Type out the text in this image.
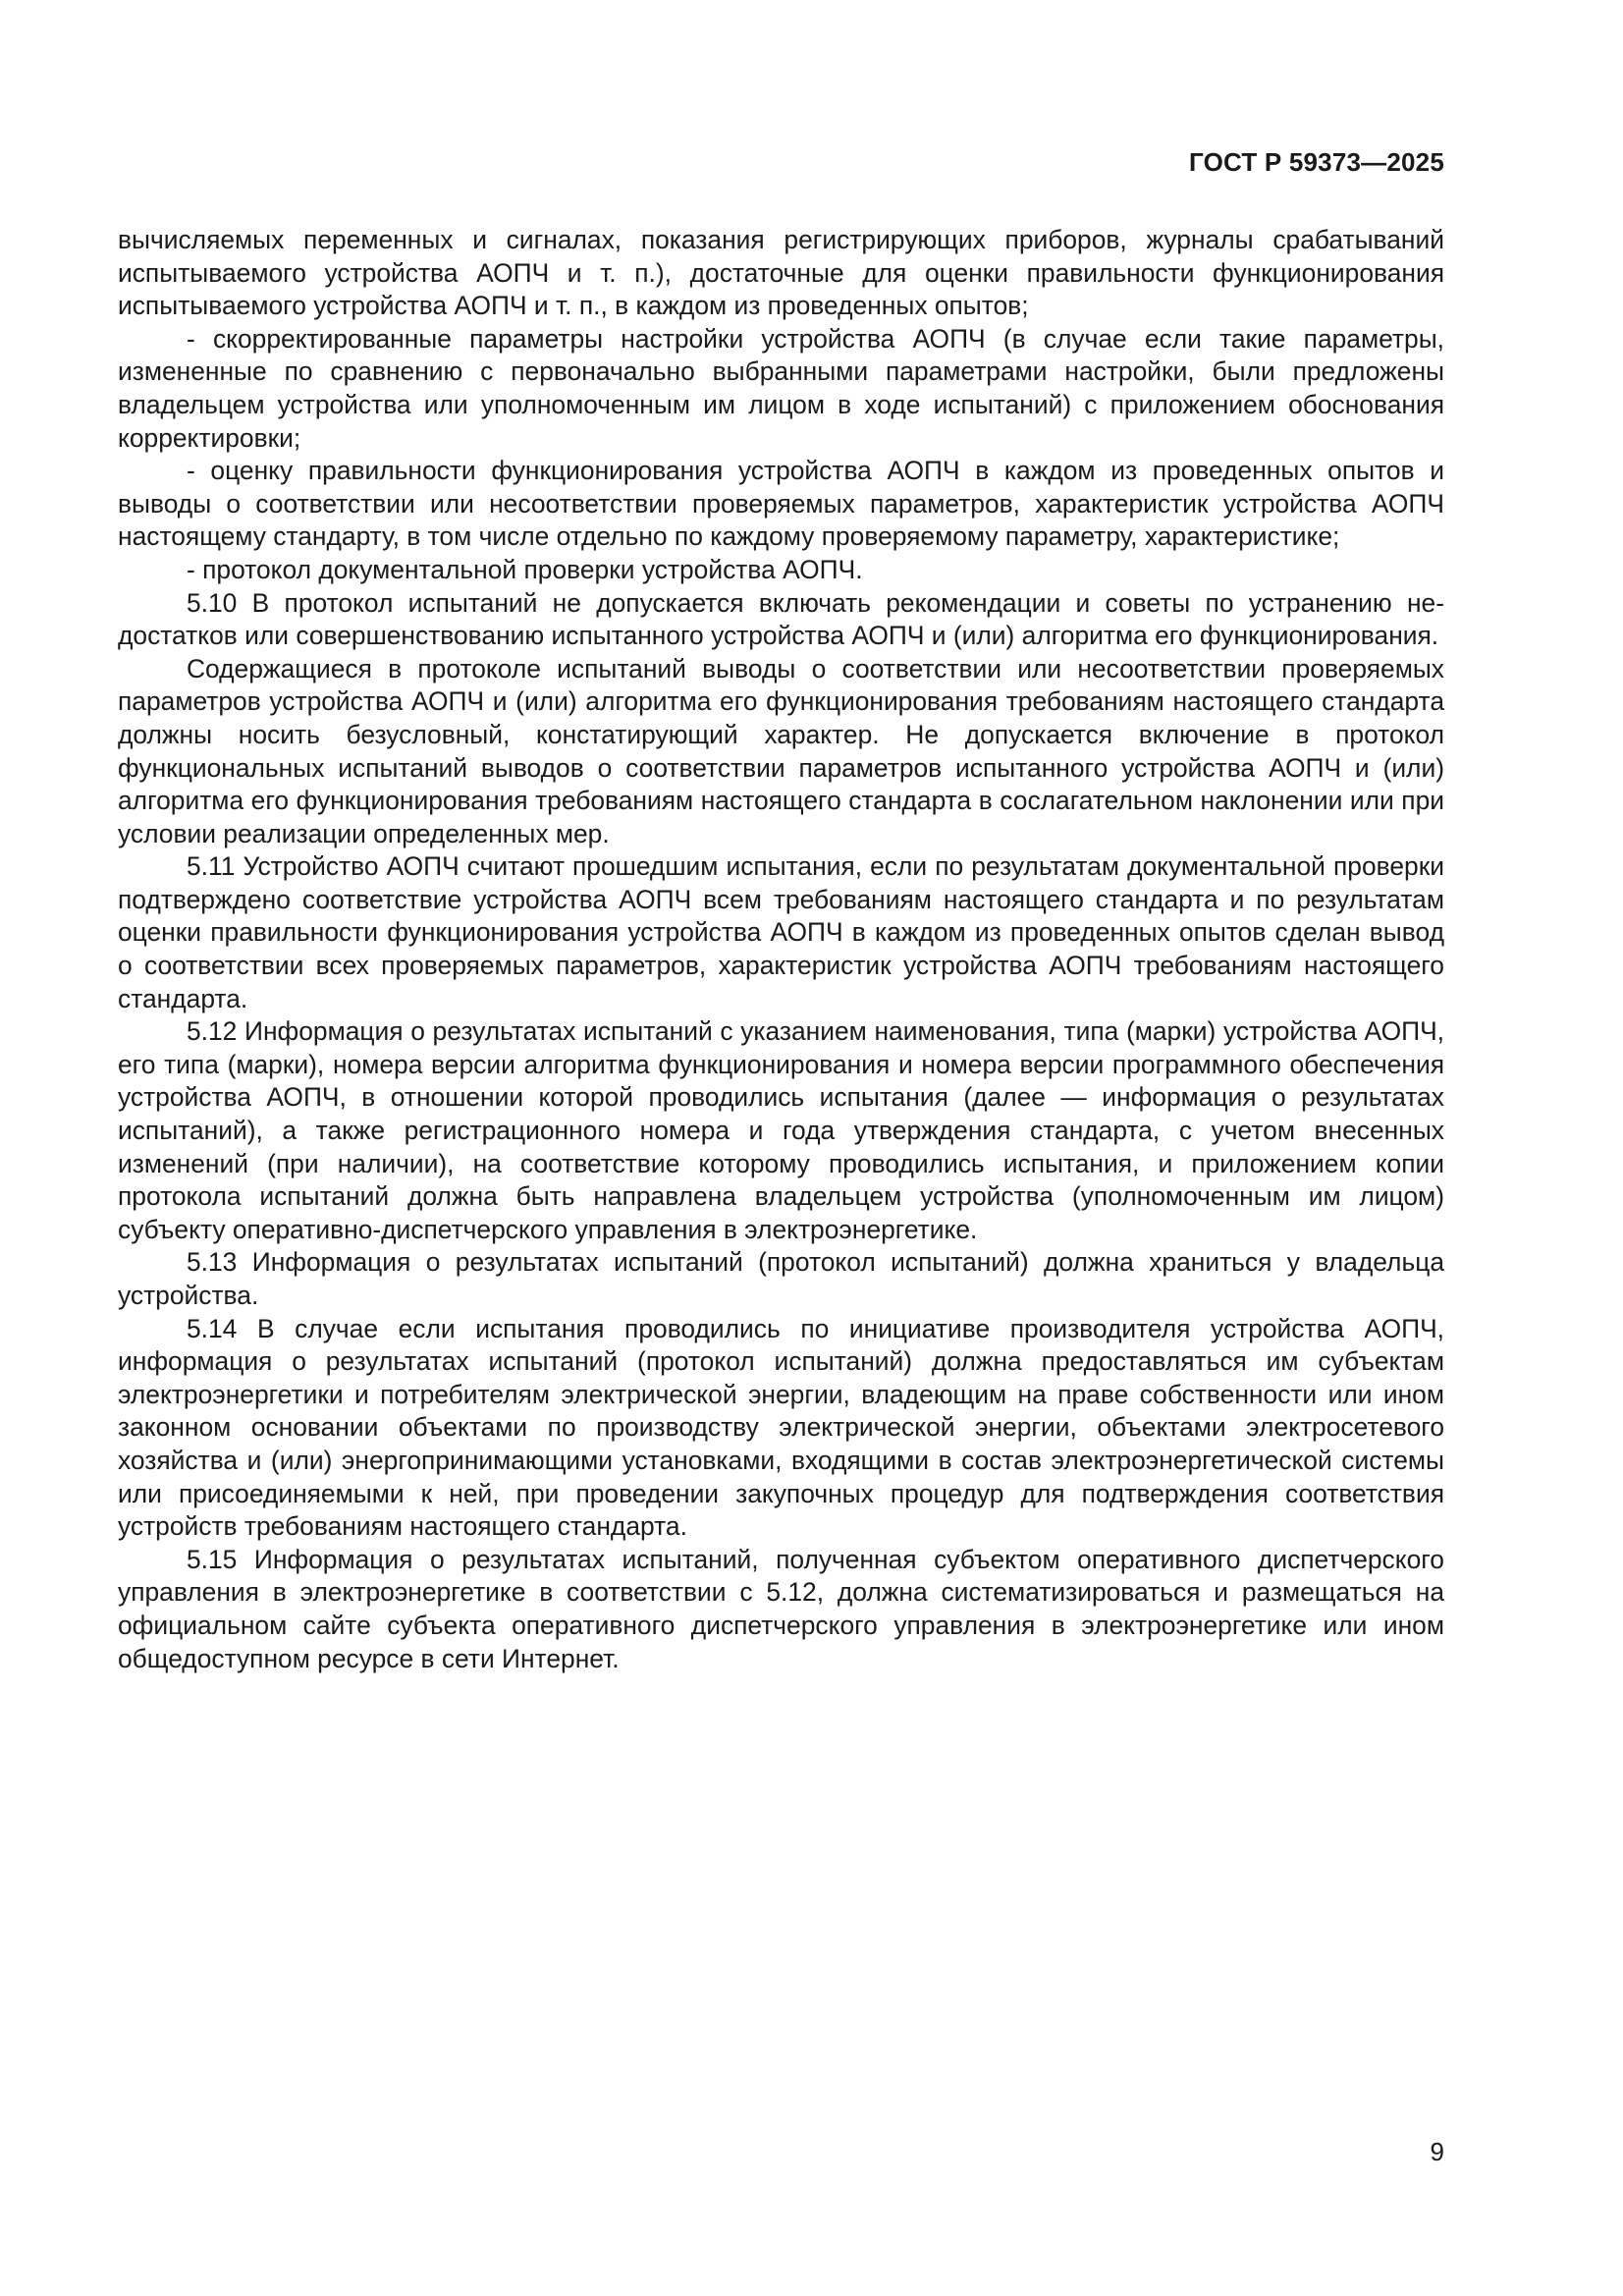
ГОСТ Р 59373—2025

вычисляемых переменных и сигналах, показания регистрирующих приборов, журналы срабатываний испытываемого устройства АОПЧ и т. п.), достаточные для оценки правильности функционирования испытываемого устройства АОПЧ и т. п., в каждом из проведенных опытов;

- скорректированные параметры настройки устройства АОПЧ (в случае если такие параметры, измененные по сравнению с первоначально выбранными параметрами настройки, были предложены владельцем устройства или уполномоченным им лицом в ходе испытаний) с приложением обоснования корректировки;

- оценку правильности функционирования устройства АОПЧ в каждом из проведенных опытов и выводы о соответствии или несоответствии проверяемых параметров, характеристик устройства АОПЧ настоящему стандарту, в том числе отдельно по каждому проверяемому параметру, характеристике;

- протокол документальной проверки устройства АОПЧ.

5.10 В протокол испытаний не допускается включать рекомендации и советы по устранению недостатков или совершенствованию испытанного устройства АОПЧ и (или) алгоритма его функционирования.

Содержащиеся в протоколе испытаний выводы о соответствии или несоответствии проверяемых параметров устройства АОПЧ и (или) алгоритма его функционирования требованиям настоящего стандарта должны носить безусловный, констатирующий характер. Не допускается включение в протокол функциональных испытаний выводов о соответствии параметров испытанного устройства АОПЧ и (или) алгоритма его функционирования требованиям настоящего стандарта в сослагательном наклонении или при условии реализации определенных мер.

5.11 Устройство АОПЧ считают прошедшим испытания, если по результатам документальной проверки подтверждено соответствие устройства АОПЧ всем требованиям настоящего стандарта и по результатам оценки правильности функционирования устройства АОПЧ в каждом из проведенных опытов сделан вывод о соответствии всех проверяемых параметров, характеристик устройства АОПЧ требованиям настоящего стандарта.

5.12 Информация о результатах испытаний с указанием наименования, типа (марки) устройства АОПЧ, его типа (марки), номера версии алгоритма функционирования и номера версии программного обеспечения устройства АОПЧ, в отношении которой проводились испытания (далее — информация о результатах испытаний), а также регистрационного номера и года утверждения стандарта, с учетом внесенных изменений (при наличии), на соответствие которому проводились испытания, и приложением копии протокола испытаний должна быть направлена владельцем устройства (уполномоченным им лицом) субъекту оперативно-диспетчерского управления в электроэнергетике.

5.13 Информация о результатах испытаний (протокол испытаний) должна храниться у владельца устройства.

5.14 В случае если испытания проводились по инициативе производителя устройства АОПЧ, информация о результатах испытаний (протокол испытаний) должна предоставляться им субъектам электроэнергетики и потребителям электрической энергии, владеющим на праве собственности или ином законном основании объектами по производству электрической энергии, объектами электросетевого хозяйства и (или) энергопринимающими установками, входящими в состав электроэнергетической системы или присоединяемыми к ней, при проведении закупочных процедур для подтверждения соответствия устройств требованиям настоящего стандарта.

5.15 Информация о результатах испытаний, полученная субъектом оперативного диспетчерского управления в электроэнергетике в соответствии с 5.12, должна систематизироваться и размещаться на официальном сайте субъекта оперативного диспетчерского управления в электроэнергетике или ином общедоступном ресурсе в сети Интернет.

9
